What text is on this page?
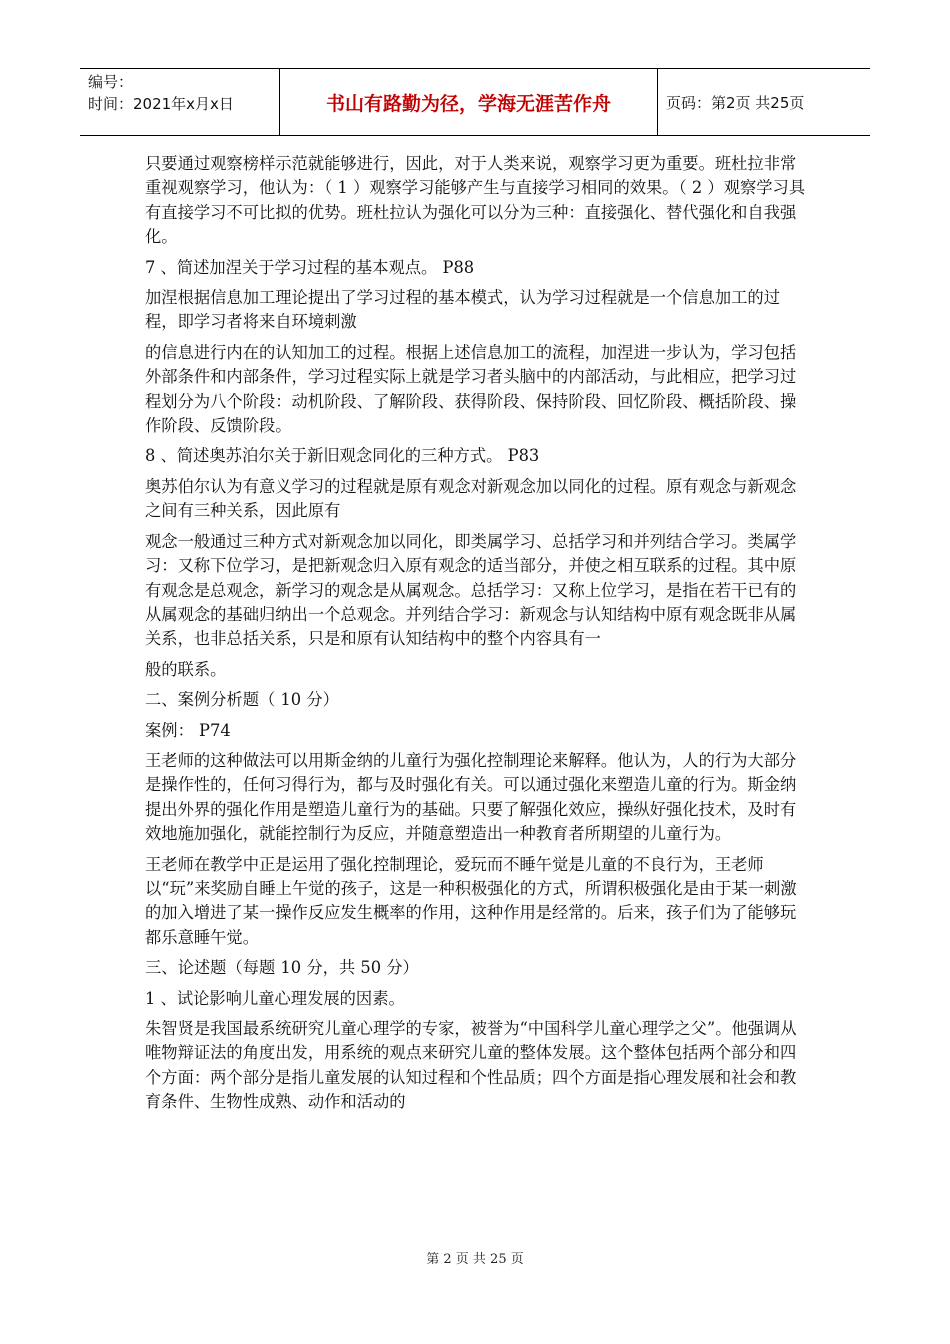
编号：
时间：2021年x月x日	书山有路勤为径，学海无涯苦作舟	页码：第2页 共25页

只要通过观察榜样示范就能够进行，因此，对于人类来说，观察学习更为重要。班杜拉非常重视观察学习，他认为：（ 1 ）观察学习能够产生与直接学习相同的效果。（ 2 ）观察学习具有直接学习不可比拟的优势。班杜拉认为强化可以分为三种：直接强化、替代强化和自我强化。

7 、简述加涅关于学习过程的基本观点。 P88

加涅根据信息加工理论提出了学习过程的基本模式，认为学习过程就是一个信息加工的过程，即学习者将来自环境刺激

的信息进行内在的认知加工的过程。根据上述信息加工的流程，加涅进一步认为，学习包括外部条件和内部条件，学习过程实际上就是学习者头脑中的内部活动，与此相应，把学习过程划分为八个阶段：动机阶段、了解阶段、获得阶段、保持阶段、回忆阶段、概括阶段、操作阶段、反馈阶段。

8 、简述奥苏泊尔关于新旧观念同化的三种方式。 P83

奥苏伯尔认为有意义学习的过程就是原有观念对新观念加以同化的过程。原有观念与新观念之间有三种关系，因此原有

观念一般通过三种方式对新观念加以同化，即类属学习、总括学习和并列结合学习。类属学习：又称下位学习，是把新观念归入原有观念的适当部分，并使之相互联系的过程。其中原有观念是总观念，新学习的观念是从属观念。总括学习：又称上位学习，是指在若干已有的从属观念的基础归纳出一个总观念。并列结合学习：新观念与认知结构中原有观念既非从属关系，也非总括关系，只是和原有认知结构中的整个内容具有一

般的联系。

二、案例分析题（ 10 分）

案例： P74

王老师的这种做法可以用斯金纳的儿童行为强化控制理论来解释。他认为，人的行为大部分是操作性的，任何习得行为，都与及时强化有关。可以通过强化来塑造儿童的行为。斯金纳提出外界的强化作用是塑造儿童行为的基础。只要了解强化效应，操纵好强化技术，及时有效地施加强化，就能控制行为反应，并随意塑造出一种教育者所期望的儿童行为。

王老师在教学中正是运用了强化控制理论，爱玩而不睡午觉是儿童的不良行为，王老师以“玩”来奖励自睡上午觉的孩子，这是一种积极强化的方式，所谓积极强化是由于某一刺激的加入增进了某一操作反应发生概率的作用，这种作用是经常的。后来，孩子们为了能够玩都乐意睡午觉。

三、论述题（每题 10 分，共 50 分）

1 、试论影响儿童心理发展的因素。

朱智贤是我国最系统研究儿童心理学的专家，被誉为“中国科学儿童心理学之父”。他强调从唯物辩证法的角度出发，用系统的观点来研究儿童的整体发展。这个整体包括两个部分和四个方面：两个部分是指儿童发展的认知过程和个性品质；四个方面是指心理发展和社会和教育条件、生物性成熟、动作和活动的

第 2 页 共 25 页
